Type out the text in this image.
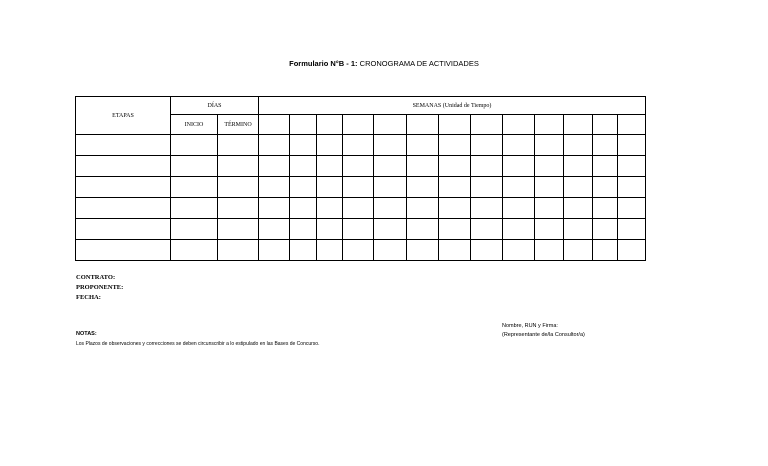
Formulario N°B - 1: CRONOGRAMA DE ACTIVIDADES
ETAPAS	DÍAS		SEMANAS (Unidad de Tiempo)												
	INICIO	TÉRMINO													

CONTRATO:
PROPONENTE:
FECHA:
NOTAS:
Los Plazos de observaciones y correcciones se deben circunscribir a lo estipulado en las Bases de Concurso.
Nombre, RUN y Firma:
(Representante de/la Consultor/a)
